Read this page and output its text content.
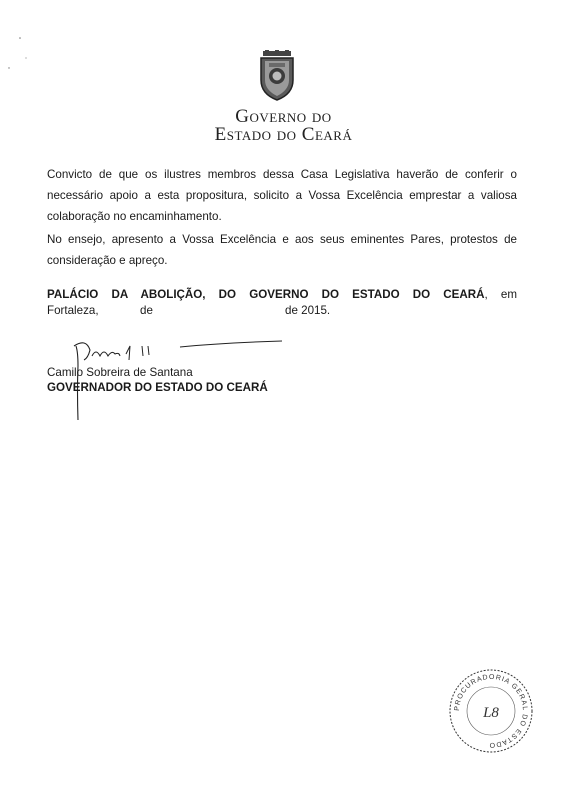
Governo do
Estado do Ceará

Convicto de que os ilustres membros dessa Casa Legislativa haverão de conferir o necessário apoio a esta propositura, solicito a Vossa Excelência emprestar a valiosa colaboração no encaminhamento.

No ensejo, apresento a Vossa Excelência e aos seus eminentes Pares, protestos de consideração e apreço.

PALÁCIO DA ABOLIÇÃO, DO GOVERNO DO ESTADO DO CEARÁ, em

Fortaleza,	de	de 2015.
Camilo Sobreira de Santana
GOVERNADOR DO ESTADO DO CEARÁ
PROCURADORIA GERAL DO ESTADO
L8
